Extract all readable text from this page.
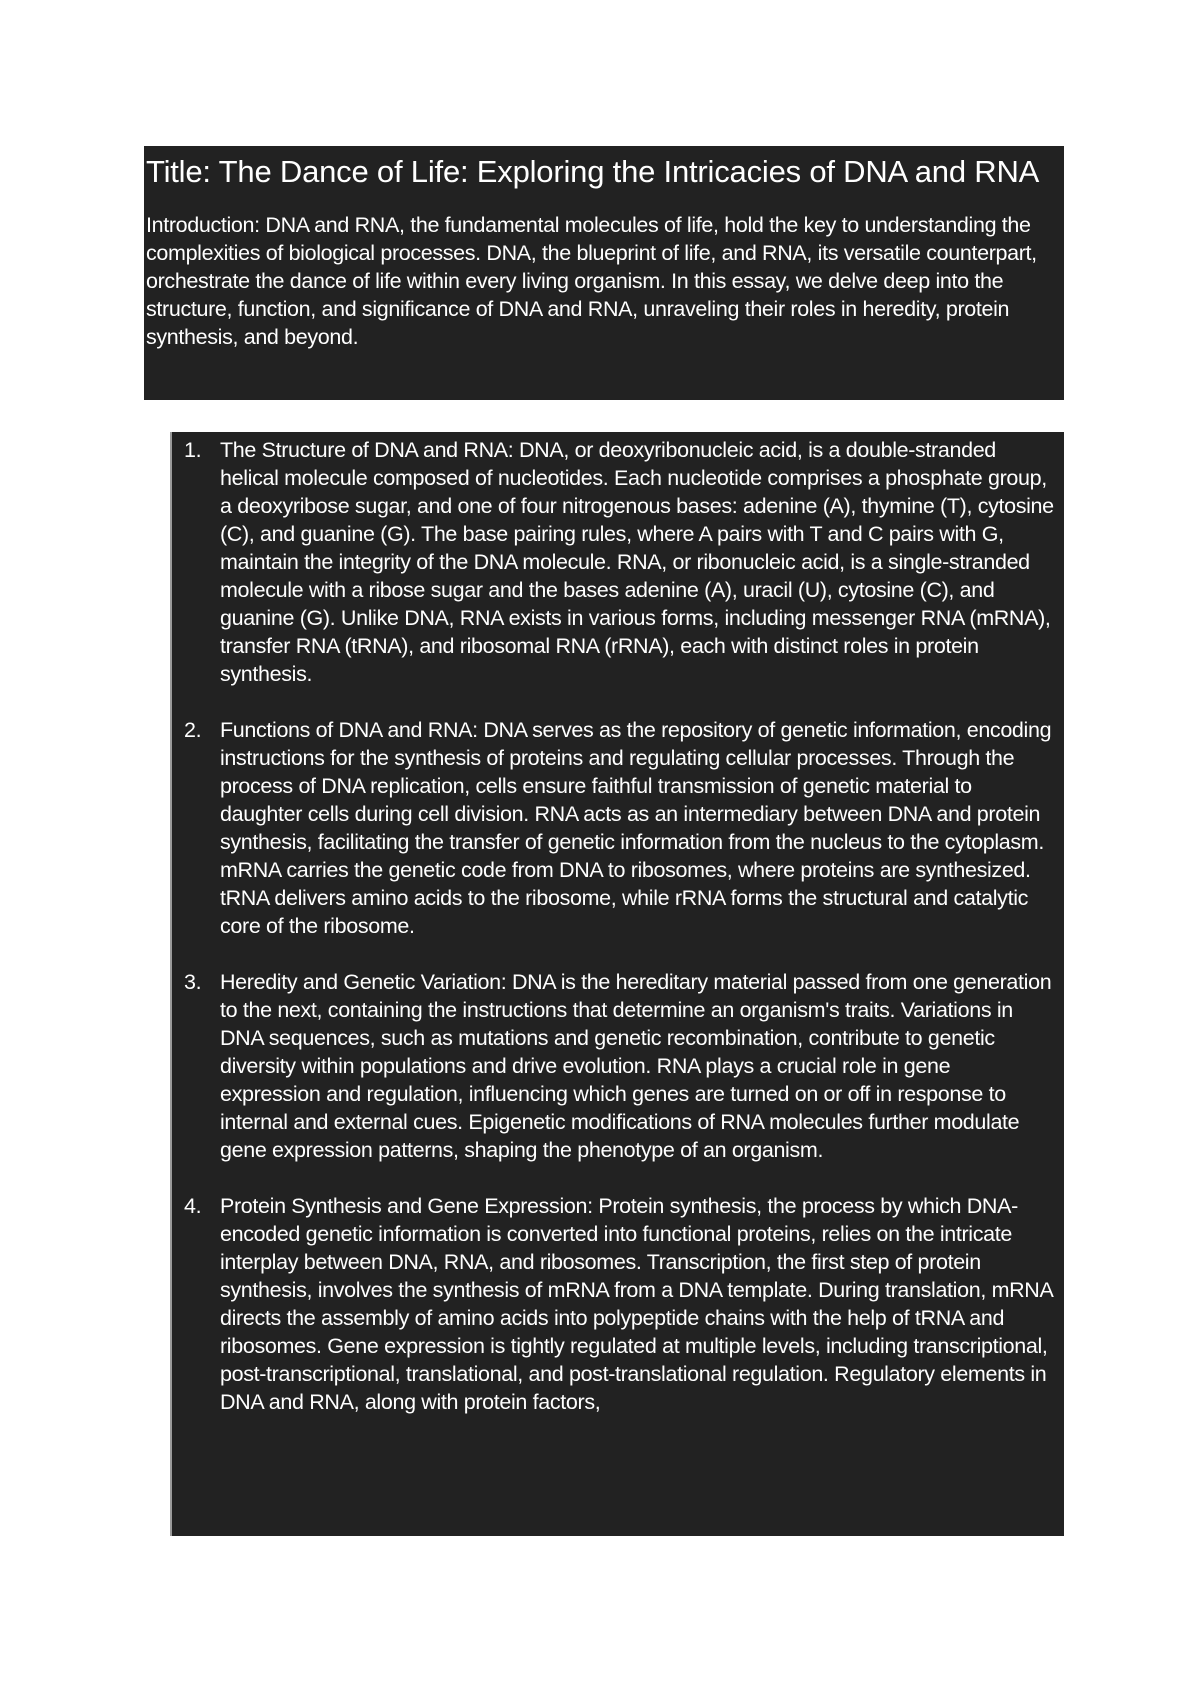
Title: The Dance of Life: Exploring the Intricacies of DNA and RNA

Introduction: DNA and RNA, the fundamental molecules of life, hold the key to understanding the complexities of biological processes. DNA, the blueprint of life, and RNA, its versatile counterpart, orchestrate the dance of life within every living organism. In this essay, we delve deep into the structure, function, and significance of DNA and RNA, unraveling their roles in heredity, protein synthesis, and beyond.

1. The Structure of DNA and RNA: DNA, or deoxyribonucleic acid, is a double-stranded helical molecule composed of nucleotides. Each nucleotide comprises a phosphate group, a deoxyribose sugar, and one of four nitrogenous bases: adenine (A), thymine (T), cytosine (C), and guanine (G). The base pairing rules, where A pairs with T and C pairs with G, maintain the integrity of the DNA molecule. RNA, or ribonucleic acid, is a single-stranded molecule with a ribose sugar and the bases adenine (A), uracil (U), cytosine (C), and guanine (G). Unlike DNA, RNA exists in various forms, including messenger RNA (mRNA), transfer RNA (tRNA), and ribosomal RNA (rRNA), each with distinct roles in protein synthesis.
2. Functions of DNA and RNA: DNA serves as the repository of genetic information, encoding instructions for the synthesis of proteins and regulating cellular processes. Through the process of DNA replication, cells ensure faithful transmission of genetic material to daughter cells during cell division. RNA acts as an intermediary between DNA and protein synthesis, facilitating the transfer of genetic information from the nucleus to the cytoplasm. mRNA carries the genetic code from DNA to ribosomes, where proteins are synthesized. tRNA delivers amino acids to the ribosome, while rRNA forms the structural and catalytic core of the ribosome.
3. Heredity and Genetic Variation: DNA is the hereditary material passed from one generation to the next, containing the instructions that determine an organism's traits. Variations in DNA sequences, such as mutations and genetic recombination, contribute to genetic diversity within populations and drive evolution. RNA plays a crucial role in gene expression and regulation, influencing which genes are turned on or off in response to internal and external cues. Epigenetic modifications of RNA molecules further modulate gene expression patterns, shaping the phenotype of an organism.
4. Protein Synthesis and Gene Expression: Protein synthesis, the process by which DNA-encoded genetic information is converted into functional proteins, relies on the intricate interplay between DNA, RNA, and ribosomes. Transcription, the first step of protein synthesis, involves the synthesis of mRNA from a DNA template. During translation, mRNA directs the assembly of amino acids into polypeptide chains with the help of tRNA and ribosomes. Gene expression is tightly regulated at multiple levels, including transcriptional, post-transcriptional, translational, and post-translational regulation. Regulatory elements in DNA and RNA, along with protein factors,
